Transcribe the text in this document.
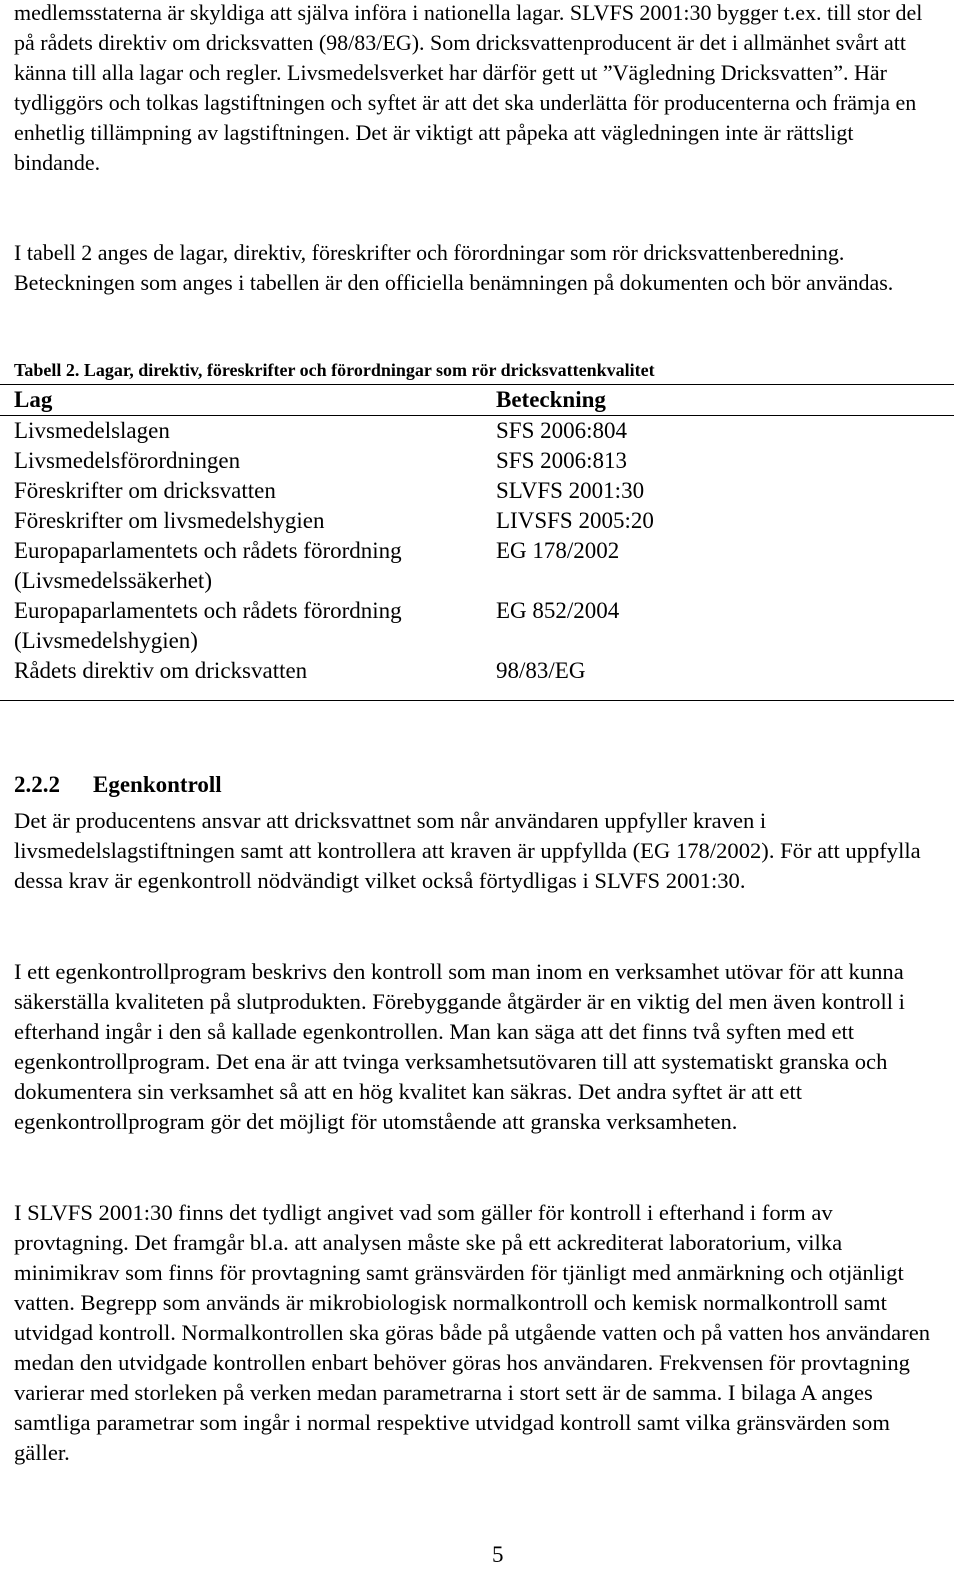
medlemsstaterna är skyldiga att själva införa i nationella lagar. SLVFS 2001:30 bygger t.ex. till stor del på rådets direktiv om dricksvatten (98/83/EG). Som dricksvattenproducent är det i allmänhet svårt att känna till alla lagar och regler. Livsmedelsverket har därför gett ut ”Vägledning Dricksvatten”. Här tydliggörs och tolkas lagstiftningen och syftet är att det ska underlätta för producenterna och främja en enhetlig tillämpning av lagstiftningen. Det är viktigt att påpeka att vägledningen inte är rättsligt bindande.

I tabell 2 anges de lagar, direktiv, föreskrifter och förordningar som rör dricksvattenberedning. Beteckningen som anges i tabellen är den officiella benämningen på dokumenten och bör användas.

Tabell 2. Lagar, direktiv, föreskrifter och förordningar som rör dricksvattenkvalitet
Lag	Beteckning
Livsmedelslagen	SFS 2006:804
Livsmedelsförordningen	SFS 2006:813
Föreskrifter om dricksvatten	SLVFS 2001:30
Föreskrifter om livsmedelshygien	LIVSFS 2005:20
Europaparlamentets och rådets förordning (Livsmedelssäkerhet)	EG 178/2002
Europaparlamentets och rådets förordning (Livsmedelshygien)	EG 852/2004
Rådets direktiv om dricksvatten	98/83/EG
2.2.2 Egenkontroll

Det är producentens ansvar att dricksvattnet som når användaren uppfyller kraven i livsmedelslagstiftningen samt att kontrollera att kraven är uppfyllda (EG 178/2002). För att uppfylla dessa krav är egenkontroll nödvändigt vilket också förtydligas i SLVFS 2001:30.

I ett egenkontrollprogram beskrivs den kontroll som man inom en verksamhet utövar för att kunna säkerställa kvaliteten på slutprodukten. Förebyggande åtgärder är en viktig del men även kontroll i efterhand ingår i den så kallade egenkontrollen. Man kan säga att det finns två syften med ett egenkontrollprogram. Det ena är att tvinga verksamhetsutövaren till att systematiskt granska och dokumentera sin verksamhet så att en hög kvalitet kan säkras. Det andra syftet är att ett egenkontrollprogram gör det möjligt för utomstående att granska verksamheten.

I SLVFS 2001:30 finns det tydligt angivet vad som gäller för kontroll i efterhand i form av provtagning. Det framgår bl.a. att analysen måste ske på ett ackrediterat laboratorium, vilka minimikrav som finns för provtagning samt gränsvärden för tjänligt med anmärkning och otjänligt vatten. Begrepp som används är mikrobiologisk normalkontroll och kemisk normalkontroll samt utvidgad kontroll. Normalkontrollen ska göras både på utgående vatten och på vatten hos användaren medan den utvidgade kontrollen enbart behöver göras hos användaren. Frekvensen för provtagning varierar med storleken på verken medan parametrarna i stort sett är de samma. I bilaga A anges samtliga parametrar som ingår i normal respektive utvidgad kontroll samt vilka gränsvärden som gäller.

5
